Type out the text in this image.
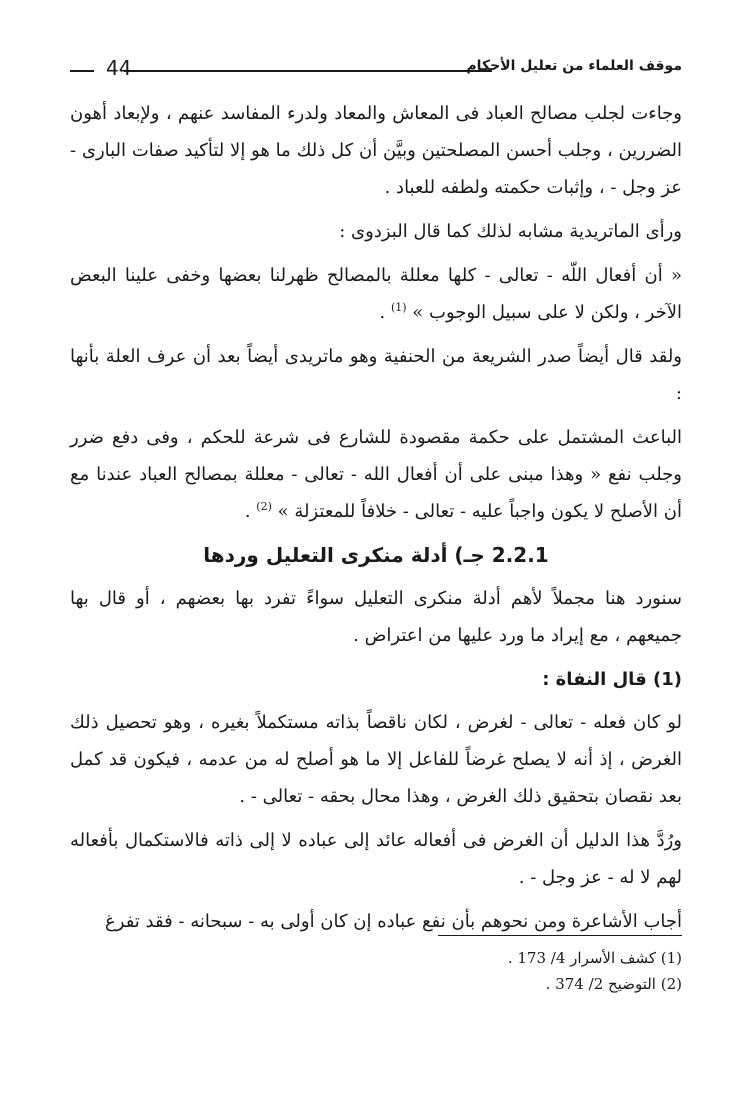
موقف العلماء من تعليل الأحكام
44

وجاءت لجلب مصالح العباد فى المعاش والمعاد ولدرء المفاسد عنهم ، ولإبعاد أهون الضررين ، وجلب أحسن المصلحتين وبيَّن أن كل ذلك ما هو إلا لتأكيد صفات البارى - عز وجل - ، وإثبات حكمته ولطفه للعباد .

ورأى الماتريدية مشابه لذلك كما قال البزدوى :

« أن أفعال اللّه - تعالى - كلها معللة بالمصالح ظهرلنا بعضها وخفى علينا البعض الآخر ، ولكن لا على سبيل الوجوب » $^{(1)}$ .

ولقد قال أيضاً صدر الشريعة من الحنفية وهو ماتريدى أيضاً بعد أن عرف العلة بأنها :

الباعث المشتمل على حكمة مقصودة للشارع فى شرعة للحكم ، وفى دفع ضرر وجلب نفع « وهذا مبنى على أن أفعال الله - تعالى - معللة بمصالح العباد عندنا مع أن الأصلح لا يكون واجباً عليه - تعالى - خلافاً للمعتزلة » $^{(2)}$ .

2.2.1 جـ) أدلة منكرى التعليل وردها

سنورد هنا مجملاً لأهم أدلة منكرى التعليل سواءً تفرد بها بعضهم ، أو قال بها جميعهم ، مع إيراد ما ورد عليها من اعتراض .

(1) قال النفاة :

لو كان فعله - تعالى - لغرض ، لكان ناقصاً بذاته مستكملاً بغيره ، وهو تحصيل ذلك الغرض ، إذ أنه لا يصلح غرضاً للفاعل إلا ما هو أصلح له من عدمه ، فيكون قد كمل بعد نقصان بتحقيق ذلك الغرض ، وهذا محال بحقه - تعالى - .

ورُدَّ هذا الدليل أن الغرض فى أفعاله عائد إلى عباده لا إلى ذاته فالاستكمال بأفعاله لهم لا له - عز وجل - .

أجاب الأشاعرة ومن نحوهم بأن نفع عباده إن كان أولى به - سبحانه - فقد تفرغ

(1) كشف الأسرار 4/ 173 .
(2) التوضيح 2/ 374 .
